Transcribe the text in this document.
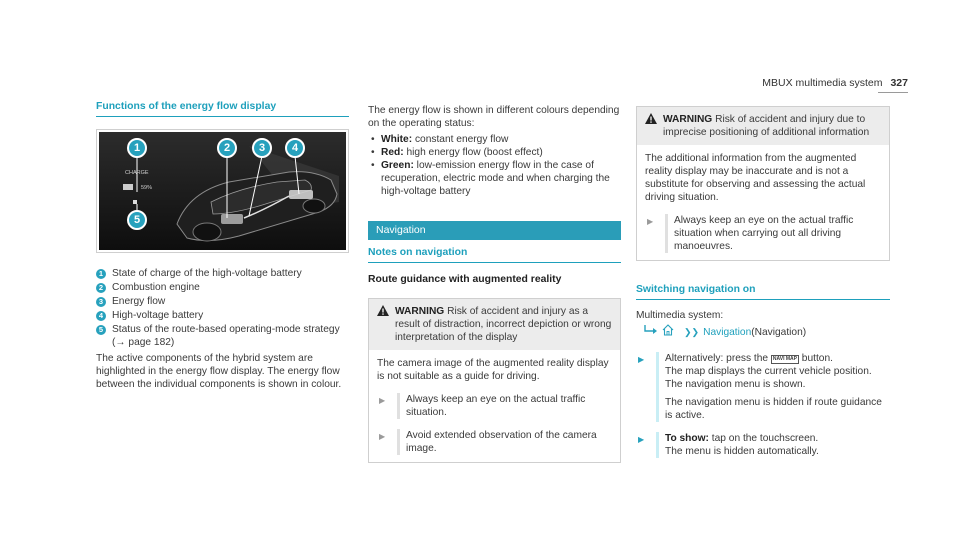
MBUX multimedia system 327
Functions of the energy flow display
CHARGE
59%
1	2	3	4
5
1 State of charge of the high-voltage battery
2 Combustion engine
3 Energy flow
4 High-voltage battery
5 Status of the route-based operating-mode strategy (→ page 182)

The active components of the hybrid system are highlighted in the energy flow display. The energy flow between the individual components is shown in colour.

The energy flow is shown in different colours depending on the operating status:

• White: constant energy flow
• Red: high energy flow (boost effect)
• Green: low-emission energy flow in the case of recuperation, electric mode and when charging the high-voltage battery
Navigation
Notes on navigation
Route guidance with augmented reality
WARNING Risk of accident and injury as a result of distraction, incorrect depiction or wrong interpretation of the display

The camera image of the augmented reality display is not suitable as a guide for driving.

▶	Always keep an eye on the actual traffic situation.
▶	Avoid extended observation of the camera image.
WARNING Risk of accident and injury due to imprecise positioning of additional information

The additional information from the augmented reality display may be inaccurate and is not a substitute for observing and assessing the actual driving situation.

▶	Always keep an eye on the actual traffic situation when carrying out all driving manoeuvres.
Switching navigation on

Multimedia system:

❯❯ Navigation (Navigation)
▶	Alternatively: press the NAVI MAP button.

The map displays the current vehicle position.

The navigation menu is shown.

The navigation menu is hidden if route guidance is active.

▶	To show: tap on the touchscreen.

The menu is hidden automatically.
